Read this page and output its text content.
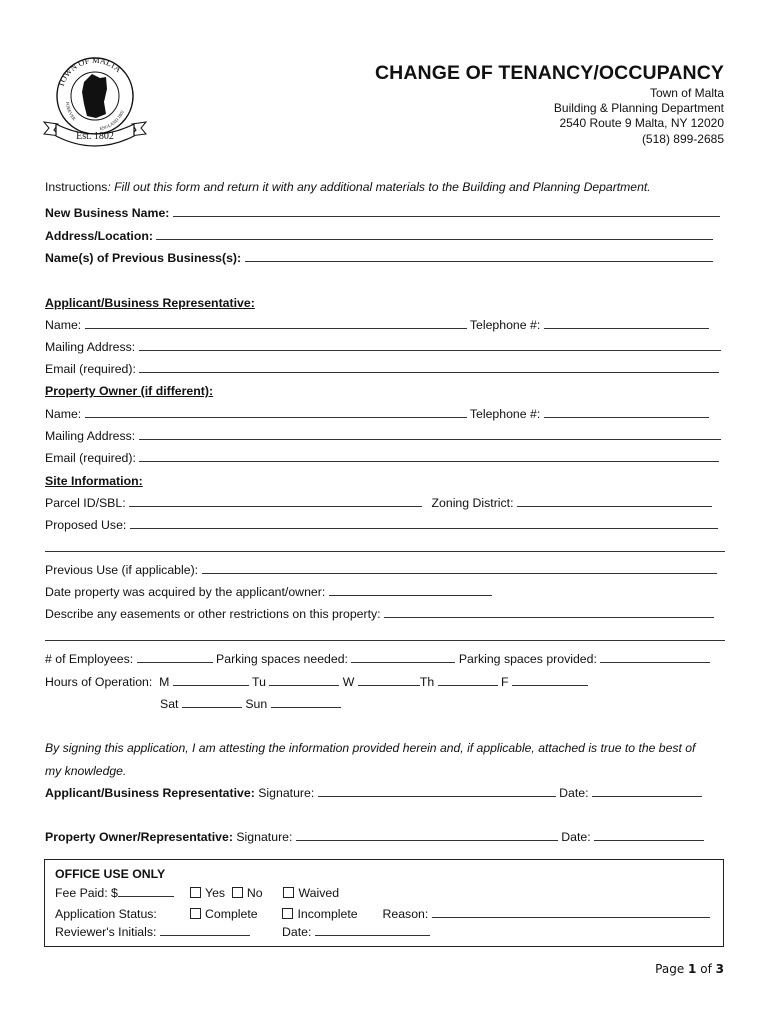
TOWN OF MALTA
FOREVER
ENGLAND 1802
Est. 1802
CHANGE OF TENANCY/OCCUPANCY
Town of Malta
Building & Planning Department
2540 Route 9 Malta, NY 12020
(518) 899-2685
Instructions: Fill out this form and return it with any additional materials to the Building and Planning Department.
New Business Name:
Address/Location:
Name(s) of Previous Business(s):
Applicant/Business Representative:
Name:	Telephone #:
Mailing Address:
Email (required):
Property Owner (if different):
Name:	Telephone #:
Mailing Address:
Email (required):
Site Information:
Parcel ID/SBL:	Zoning District:
Proposed Use:
Previous Use (if applicable):
Date property was acquired by the applicant/owner:
Describe any easements or other restrictions on this property:
# of Employees:	Parking spaces needed:	Parking spaces provided:
Hours of Operation: M	Tu	W	Th	F
Sat	Sun
By signing this application, I am attesting the information provided herein and, if applicable, attached is true to the best of
my knowledge.
Applicant/Business Representative: Signature:	Date:
Property Owner/Representative: Signature:	Date:
OFFICE USE ONLY
Fee Paid: $	Yes No	Waived
Application Status:	Complete	Incomplete Reason:
Reviewer's Initials:	Date:
Page 1 of 3
